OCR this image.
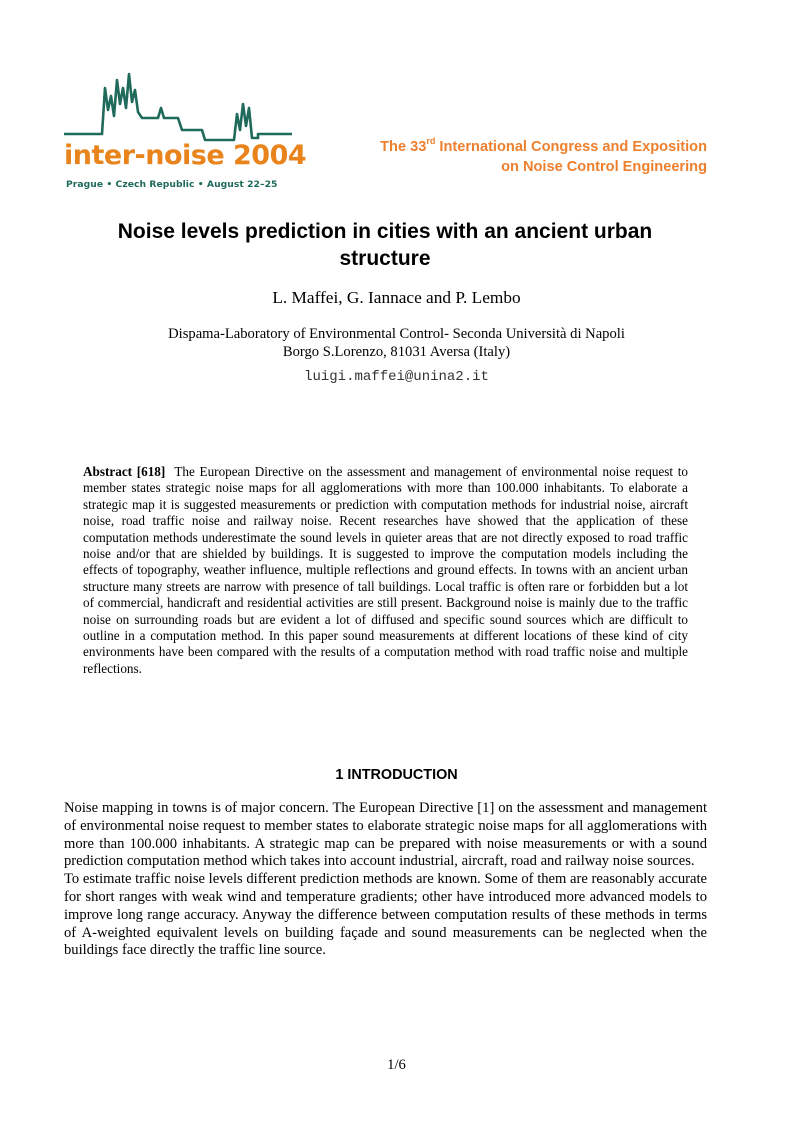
inter-noise 2004
Prague • Czech Republic • August 22–25
The 33rd International Congress and Exposition
on Noise Control Engineering
Noise levels prediction in cities with an ancient urban structure
L. Maffei, G. Iannace and P. Lembo
Dispama-Laboratory of Environmental Control- Seconda Università di Napoli
Borgo S.Lorenzo, 81031 Aversa (Italy)
luigi.maffei@unina2.it
Abstract [618] The European Directive on the assessment and management of environmental noise request to member states strategic noise maps for all agglomerations with more than 100.000 inhabitants. To elaborate a strategic map it is suggested measurements or prediction with computation methods for industrial noise, aircraft noise, road traffic noise and railway noise. Recent researches have showed that the application of these computation methods underestimate the sound levels in quieter areas that are not directly exposed to road traffic noise and/or that are shielded by buildings. It is suggested to improve the computation models including the effects of topography, weather influence, multiple reflections and ground effects. In towns with an ancient urban structure many streets are narrow with presence of tall buildings. Local traffic is often rare or forbidden but a lot of commercial, handicraft and residential activities are still present. Background noise is mainly due to the traffic noise on surrounding roads but are evident a lot of diffused and specific sound sources which are difficult to outline in a computation method. In this paper sound measurements at different locations of these kind of city environments have been compared with the results of a computation method with road traffic noise and multiple reflections.
1 INTRODUCTION

Noise mapping in towns is of major concern. The European Directive [1] on the assessment and management of environmental noise request to member states to elaborate strategic noise maps for all agglomerations with more than 100.000 inhabitants. A strategic map can be prepared with noise measurements or with a sound prediction computation method which takes into account industrial, aircraft, road and railway noise sources.

To estimate traffic noise levels different prediction methods are known. Some of them are reasonably accurate for short ranges with weak wind and temperature gradients; other have introduced more advanced models to improve long range accuracy. Anyway the difference between computation results of these methods in terms of A-weighted equivalent levels on building façade and sound measurements can be neglected when the buildings face directly the traffic line source.

1/6
